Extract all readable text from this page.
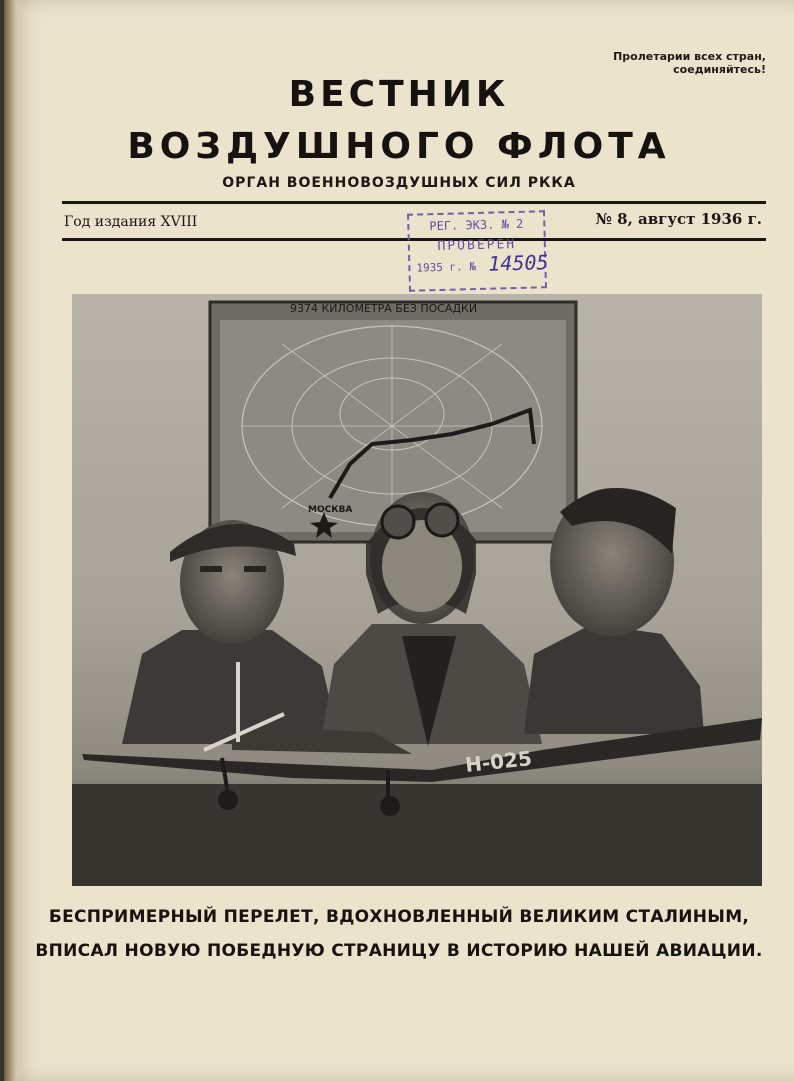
Пролетарии всех стран, соединяйтесь!
ВЕСТНИК
ВОЗДУШНОГО ФЛОТА
ОРГАН ВОЕННОВОЗДУШНЫХ СИЛ РККА
Год издания XVIII	№ 8, август 1936 г.
РЕГ. ЭКЗ. № 2
ПРОВЕРЕН
1935 г. № 14505
9374 КИЛОМЕТРА БЕЗ ПОСАДКИ
МОСКВА
Н-025
БЕСПРИМЕРНЫЙ ПЕРЕЛЕТ, ВДОХНОВЛЕННЫЙ ВЕЛИКИМ СТАЛИНЫМ,
ВПИСАЛ НОВУЮ ПОБЕДНУЮ СТРАНИЦУ В ИСТОРИЮ НАШЕЙ АВИАЦИИ.
